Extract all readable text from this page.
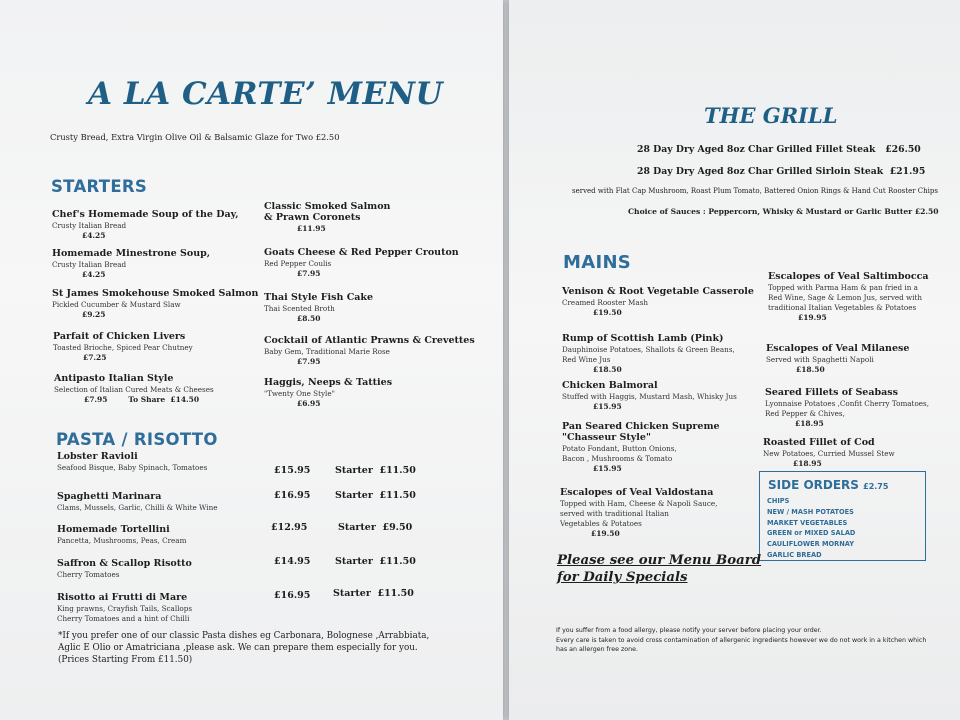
A LA CARTE’ MENU
Crusty Bread, Extra Virgin Olive Oil & Balsamic Glaze for Two £2.50
STARTERS
Chef's Homemade Soup of the Day,
Crusty Italian Bread
£4.25
Homemade Minestrone Soup,
Crusty Italian Bread
£4.25
St James Smokehouse Smoked Salmon
Pickled Cucumber & Mustard Slaw
£9.25
Parfait of Chicken Livers
Toasted Brioche, Spiced Pear Chutney
£7.25
Antipasto Italian Style
Selection of Italian Cured Meats & Cheeses
£7.95        To Share  £14.50
Classic Smoked Salmon
& Prawn Coronets
£11.95
Goats Cheese & Red Pepper Crouton
Red Pepper Coulis
£7.95
Thai Style Fish Cake
Thai Scented Broth
£8.50
Cocktail of Atlantic Prawns & Crevettes
Baby Gem, Traditional Marie Rose
£7.95
Haggis, Neeps & Tatties
"Twenty One Style"
£6.95
PASTA / RISOTTO
Lobster Ravioli
Seafood Bisque, Baby Spinach, Tomatoes	£15.95	Starter  £11.50
Spaghetti Marinara
Clams, Mussels, Garlic, Chilli & White Wine
£16.95	Starter  £11.50
Homemade Tortellini
Pancetta, Mushrooms, Peas, Cream
£12.95	Starter  £9.50
Saffron & Scallop Risotto
Cherry Tomatoes
£14.95	Starter  £11.50
Risotto ai Frutti di Mare
King prawns, Crayfish Tails, Scallops
Cherry Tomatoes and a hint of Chilli
£16.95 Starter  £11.50
*If you prefer one of our classic Pasta dishes eg Carbonara, Bolognese ,Arrabbiata,
Aglic E Olio or Amatriciana ,please ask. We can prepare them especially for you.
(Prices Starting From £11.50)
THE GRILL
28 Day Dry Aged 8oz Char Grilled Fillet Steak   £26.50
28 Day Dry Aged 8oz Char Grilled Sirloin Steak  £21.95
served with Flat Cap Mushroom, Roast Plum Tomato, Battered Onion Rings & Hand Cut Rooster Chips
Choice of Sauces : Peppercorn, Whisky & Mustard or Garlic Butter £2.50
MAINS
Venison & Root Vegetable Casserole
Creamed Rooster Mash
£19.50
Rump of Scottish Lamb (Pink)
Dauphinoise Potatoes, Shallots & Green Beans,
Red Wine Jus
£18.50
Chicken Balmoral
Stuffed with Haggis, Mustard Mash, Whisky Jus
£15.95
Pan Seared Chicken Supreme
"Chasseur Style"
Potato Fondant, Button Onions,
Bacon , Mushrooms & Tomato
£15.95
Escalopes of Veal Valdostana
Topped with Ham, Cheese & Napoli Sauce,
served with traditional Italian
Vegetables & Potatoes
£19.50
Escalopes of Veal Saltimbocca
Topped with Parma Ham & pan fried in a
Red Wine, Sage & Lemon Jus, served with
traditional Italian Vegetables & Potatoes
£19.95
Escalopes of Veal Milanese
Served with Spaghetti Napoli
£18.50
Seared Fillets of Seabass
Lyonnaise Potatoes ,Confit Cherry Tomatoes,
Red Pepper & Chives,
£18.95
Roasted Fillet of Cod
New Potatoes, Curried Mussel Stew
£18.95
SIDE ORDERS £2.75
CHIPS
NEW / MASH POTATOES
MARKET VEGETABLES
GREEN or MIXED SALAD
CAULIFLOWER MORNAY
GARLIC BREAD
Please see our Menu Board
for Daily Specials
If you suffer from a food allergy, please notify your server before placing your order.
Every care is taken to avoid cross contamination of allergenic ingredients however we do not work in a kitchen which
has an allergen free zone.
